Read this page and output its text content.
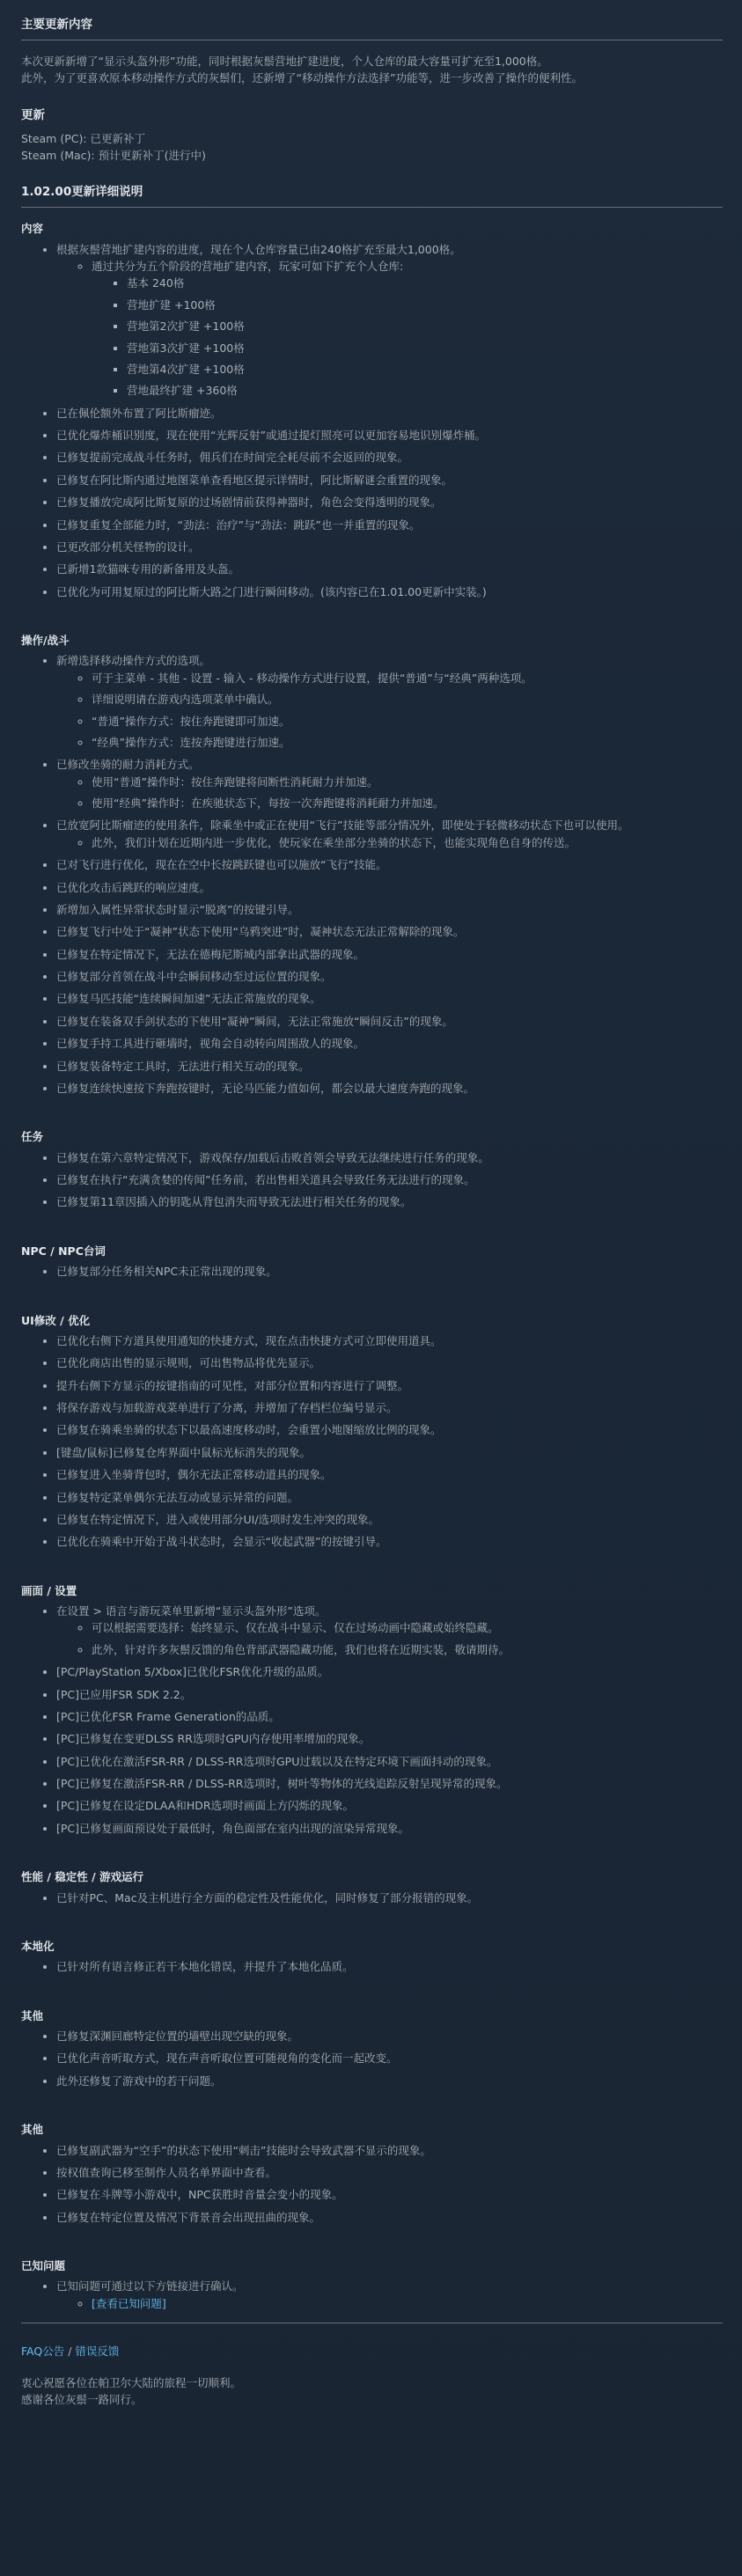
主要更新内容

本次更新新增了“显示头盔外形”功能，同时根据灰鬃营地扩建进度，个人仓库的最大容量可扩充至1,000格。

此外，为了更喜欢原本移动操作方式的灰鬃们，还新增了“移动操作方法选择”功能等，进一步改善了操作的便利性。

更新

Steam (PC): 已更新补丁

Steam (Mac): 预计更新补丁(进行中)

1.02.00更新详细说明
内容
• 根据灰鬃营地扩建内容的进度，现在个人仓库容量已由240格扩充至最大1,000格。
◦ 通过共分为五个阶段的营地扩建内容，玩家可如下扩充个人仓库:
▪ 基本 240格
▪ 营地扩建 +100格
▪ 营地第2次扩建 +100格
▪ 营地第3次扩建 +100格
▪ 营地第4次扩建 +100格
▪ 营地最终扩建 +360格
• 已在佩伦额外布置了阿比斯瘤迹。
• 已优化爆炸桶识别度，现在使用“光辉反射”或通过提灯照亮可以更加容易地识别爆炸桶。
• 已修复提前完成战斗任务时，佣兵们在时间完全耗尽前不会返回的现象。
• 已修复在阿比斯内通过地图菜单查看地区提示详情时，阿比斯解谜会重置的现象。
• 已修复播放完成阿比斯复原的过场剧情前获得神器时，角色会变得透明的现象。
• 已修复重复全部能力时，“劲法：治疗”与“劲法：跳跃”也一并重置的现象。
• 已更改部分机关怪物的设计。
• 已新增1款猫咪专用的新备用及头盔。
• 已优化为可用复原过的阿比斯大路之门进行瞬间移动。(该内容已在1.01.00更新中实装。)
操作/战斗
• 新增选择移动操作方式的选项。
◦ 可于主菜单 - 其他 - 设置 - 输入 - 移动操作方式进行设置，提供“普通”与“经典”两种选项。
◦ 详细说明请在游戏内选项菜单中确认。
◦ “普通”操作方式：按住奔跑键即可加速。
◦ “经典”操作方式：连按奔跑键进行加速。
• 已修改坐骑的耐力消耗方式。
◦ 使用“普通”操作时：按住奔跑键将间断性消耗耐力并加速。
◦ 使用“经典”操作时：在疾驰状态下，每按一次奔跑键将消耗耐力并加速。
• 已放宽阿比斯瘤迹的使用条件，除乘坐中或正在使用“飞行”技能等部分情况外，即使处于轻微移动状态下也可以使用。
◦ 此外，我们计划在近期内进一步优化，使玩家在乘坐部分坐骑的状态下，也能实现角色自身的传送。
• 已对飞行进行优化，现在在空中长按跳跃键也可以施放“飞行”技能。
• 已优化攻击后跳跃的响应速度。
• 新增加入属性异常状态时显示“脱离”的按键引导。
• 已修复飞行中处于“凝神”状态下使用“乌鸦突进”时，凝神状态无法正常解除的现象。
• 已修复在特定情况下，无法在德梅尼斯城内部拿出武器的现象。
• 已修复部分首领在战斗中会瞬间移动至过远位置的现象。
• 已修复马匹技能“连续瞬间加速”无法正常施放的现象。
• 已修复在装备双手剑状态的下使用“凝神”瞬间，无法正常施放“瞬间反击”的现象。
• 已修复手持工具进行砸墙时，视角会自动转向周围敌人的现象。
• 已修复装备特定工具时，无法进行相关互动的现象。
• 已修复连续快速按下奔跑按键时，无论马匹能力值如何，都会以最大速度奔跑的现象。
任务
• 已修复在第六章特定情况下，游戏保存/加载后击败首领会导致无法继续进行任务的现象。
• 已修复在执行“充满贪婪的传闻”任务前，若出售相关道具会导致任务无法进行的现象。
• 已修复第11章因插入的钥匙从背包消失而导致无法进行相关任务的现象。
NPC / NPC台词
• 已修复部分任务相关NPC未正常出现的现象。
UI修改 / 优化
• 已优化右侧下方道具使用通知的快捷方式，现在点击快捷方式可立即使用道具。
• 已优化商店出售的显示规则，可出售物品将优先显示。
• 提升右侧下方显示的按键指南的可见性，对部分位置和内容进行了调整。
• 将保存游戏与加载游戏菜单进行了分离，并增加了存档栏位编号显示。
• 已修复在骑乘坐骑的状态下以最高速度移动时，会重置小地图缩放比例的现象。
• [键盘/鼠标]已修复仓库界面中鼠标光标消失的现象。
• 已修复进入坐骑背包时，偶尔无法正常移动道具的现象。
• 已修复特定菜单偶尔无法互动或显示异常的问题。
• 已修复在特定情况下，进入或使用部分UI/选项时发生冲突的现象。
• 已优化在骑乘中开始于战斗状态时，会显示“收起武器”的按键引导。
画面 / 设置
• 在设置 > 语言与游玩菜单里新增“显示头盔外形”选项。
◦ 可以根据需要选择：始终显示、仅在战斗中显示、仅在过场动画中隐藏或始终隐藏。
◦ 此外，针对许多灰鬃反馈的角色背部武器隐藏功能，我们也将在近期实装，敬请期待。
• [PC/PlayStation 5/Xbox]已优化FSR优化升级的品质。
• [PC]已应用FSR SDK 2.2。
• [PC]已优化FSR Frame Generation的品质。
• [PC]已修复在变更DLSS RR选项时GPU内存使用率增加的现象。
• [PC]已优化在激活FSR-RR / DLSS-RR选项时GPU过载以及在特定环境下画面抖动的现象。
• [PC]已修复在激活FSR-RR / DLSS-RR选项时，树叶等物体的光线追踪反射呈现异常的现象。
• [PC]已修复在设定DLAA和HDR选项时画面上方闪烁的现象。
• [PC]已修复画面预设处于最低时，角色面部在室内出现的渲染异常现象。
性能 / 稳定性 / 游戏运行
• 已针对PC、Mac及主机进行全方面的稳定性及性能优化，同时修复了部分报错的现象。
本地化
• 已针对所有语言修正若干本地化错误，并提升了本地化品质。
其他
• 已修复深渊回廊特定位置的墙壁出现空缺的现象。
• 已优化声音听取方式，现在声音听取位置可随视角的变化而一起改变。
• 此外还修复了游戏中的若干问题。
其他
• 已修复副武器为“空手”的状态下使用“刺击”技能时会导致武器不显示的现象。
• 按权值查询已移至制作人员名单界面中查看。
• 已修复在斗牌等小游戏中，NPC获胜时音量会变小的现象。
• 已修复在特定位置及情况下背景音会出现扭曲的现象。
已知问题
• 已知问题可通过以下方链接进行确认。
◦ [查看已知问题]

FAQ公告 / 错误反馈

衷心祝愿各位在帕卫尔大陆的旅程一切顺利。

感谢各位灰鬃一路同行。
